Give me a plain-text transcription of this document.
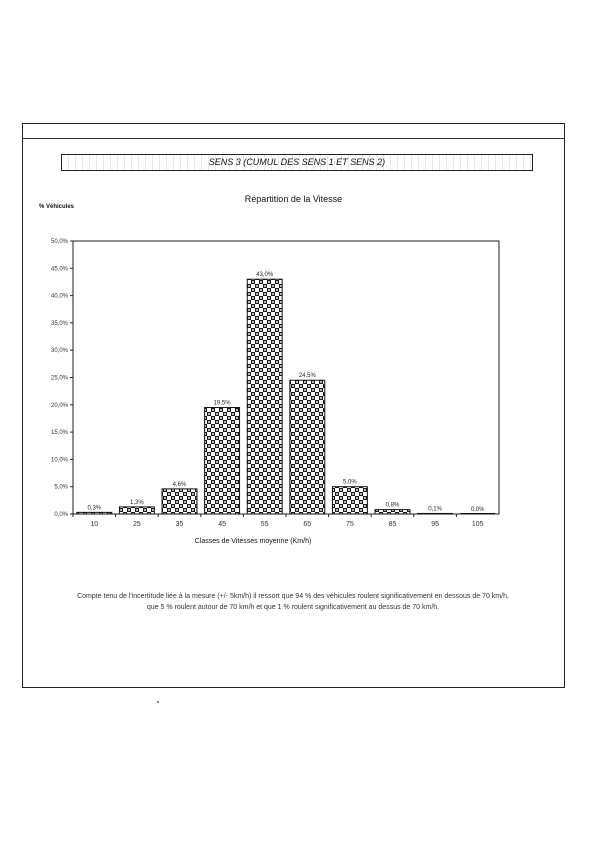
SENS 3 (CUMUL DES SENS 1 ET SENS 2)
Répartition de la Vitesse
% Véhicules
0,0%
5,0%
10,0%
15,0%
20,0%
25,0%
30,0%
35,0%
40,0%
45,0%
50,0%
0,3%
10
1,3%
25
4,6%
35
19,5%
45
43,0%
55
24,5%
65
5,0%
75
0,8%
85
0,1%
95
0,0%
105
Classes de Vitesses moyenne (Km/h)
Compte tenu de l'incertitude liée à la mesure (+/- 5km/h) il ressort que 94 % des véhicules roulent significativement en dessous de 70 km/h,
que 5 % roulent autour de 70 km/h et que 1 % roulent significativement au dessus de 70 km/h.
